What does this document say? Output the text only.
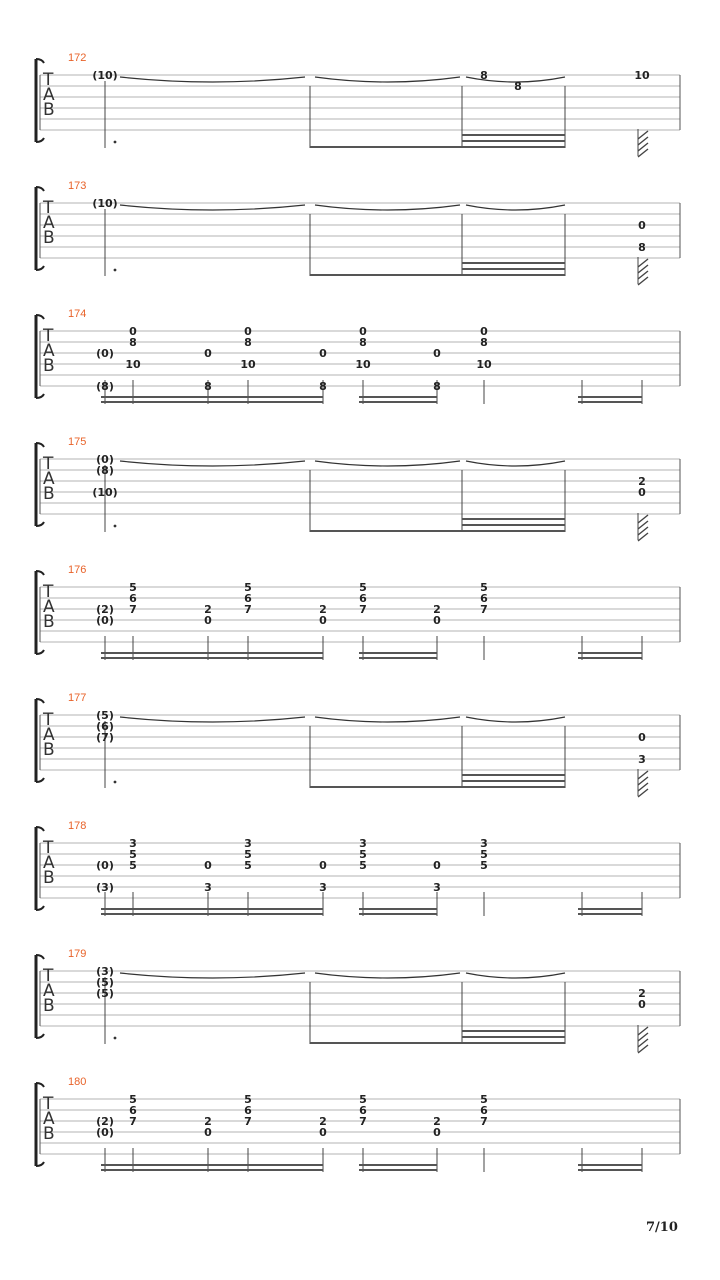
T
A
B
172
(10)	8
8
10
T
A
B
173
(10)
0
8
T
A
B
174
(0)
(8)
0
8
10
0
8
0
8
10
0
8
0
8
10
0
8
0
8
10
T
A
B
175
(0)
(8)
(10)
2
0
T
A
B
176
(2)
(0)
5
6
7	2
0
5
6
7	2
0
5
6
7	2
0
5
6
7
T
A
B
177
(5)
(6)
(7)	0
3
T
A
B
178
(0)
(3)
3
5
5	0
3
3
5
5	0
3
3
5
5	0
3
3
5
5
T
A
B
179
(3)
(5)
(5)	2
0
T
A
B
180
(2)
(0)
5
6
7	2
0
5
6
7	2
0
5
6
7	2
0
5
6
7
7/10
